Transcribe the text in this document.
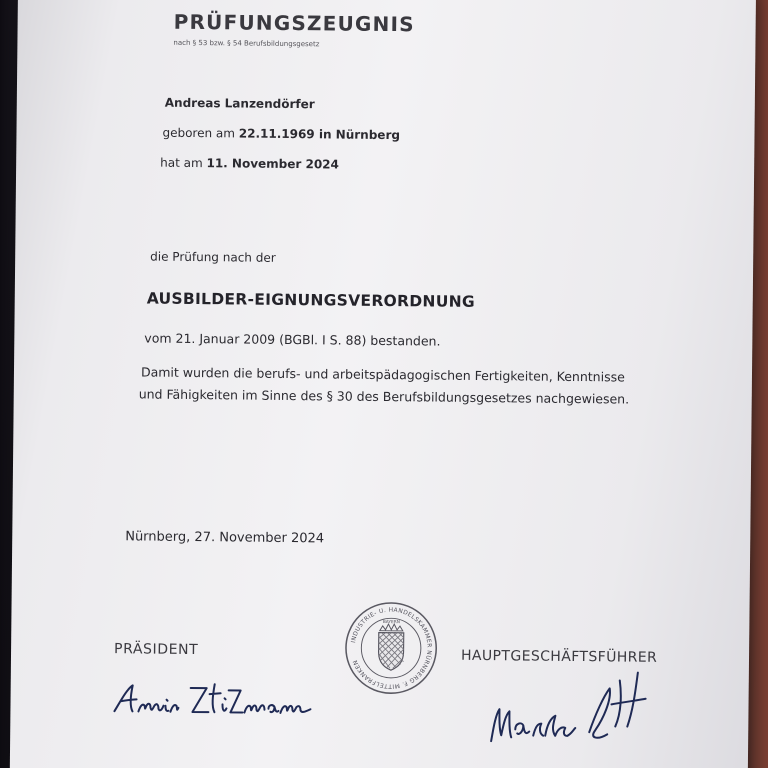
PRÜFUNGSZEUGNIS
nach § 53 bzw. § 54 Berufsbildungsgesetz
Andreas Lanzendörfer
geboren am 22.11.1969 in Nürnberg
hat am 11. November 2024
die Prüfung nach der
AUSBILDER-EIGNUNGSVERORDNUNG
vom 21. Januar 2009 (BGBl. I S. 88) bestanden.
Damit wurden die berufs- und arbeitspädagogischen Fertigkeiten, Kenntnisse
und Fähigkeiten im Sinne des § 30 des Berufsbildungsgesetzes nachgewiesen.
Nürnberg, 27. November 2024
PRÄSIDENT	HAUPTGESCHÄFTSFÜHRER
INDUSTRIE- U. HANDELSKAMMER NÜRNBERG F. MITTELFRANKEN
BAYERN
